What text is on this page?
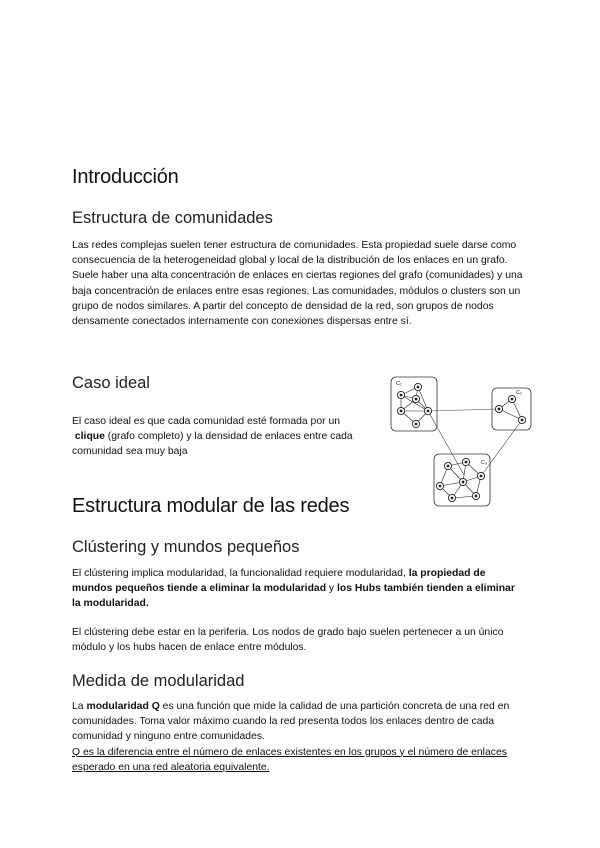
Introducción
Estructura de comunidades

Las redes complejas suelen tener estructura de comunidades. Esta propiedad suele darse como consecuencia de la heterogeneidad global y local de la distribución de los enlaces en un grafo. Suele haber una alta concentración de enlaces en ciertas regiones del grafo (comunidades) y una baja concentración de enlaces entre esas regiones. Las comunidades, módulos o clusters son un grupo de nodos similares. A partir del concepto de densidad de la red, son grupos de nodos densamente conectados internamente con conexiones dispersas entre sí.

Caso ideal

El caso ideal es que cada comunidad esté formada por un
clique (grafo completo) y la densidad de enlaces entre cada comunidad sea muy baja

C₁
C₂
C₃
Estructura modular de las redes
Clústering y mundos pequeños

El clústering implica modularidad, la funcionalidad requiere modularidad, la propiedad de mundos pequeños tiende a eliminar la modularidad y los Hubs también tienden a eliminar la modularidad.

El clústering debe estar en la periferia. Los nodos de grado bajo suelen pertenecer a un único módulo y los hubs hacen de enlace entre módulos.

Medida de modularidad

La modularidad Q es una función que mide la calidad de una partición concreta de una red en comunidades. Toma valor máximo cuando la red presenta todos los enlaces dentro de cada comunidad y ninguno entre comunidades.
Q es la diferencia entre el número de enlaces existentes en los grupos y el número de enlaces esperado en una red aleatoria equivalente.
